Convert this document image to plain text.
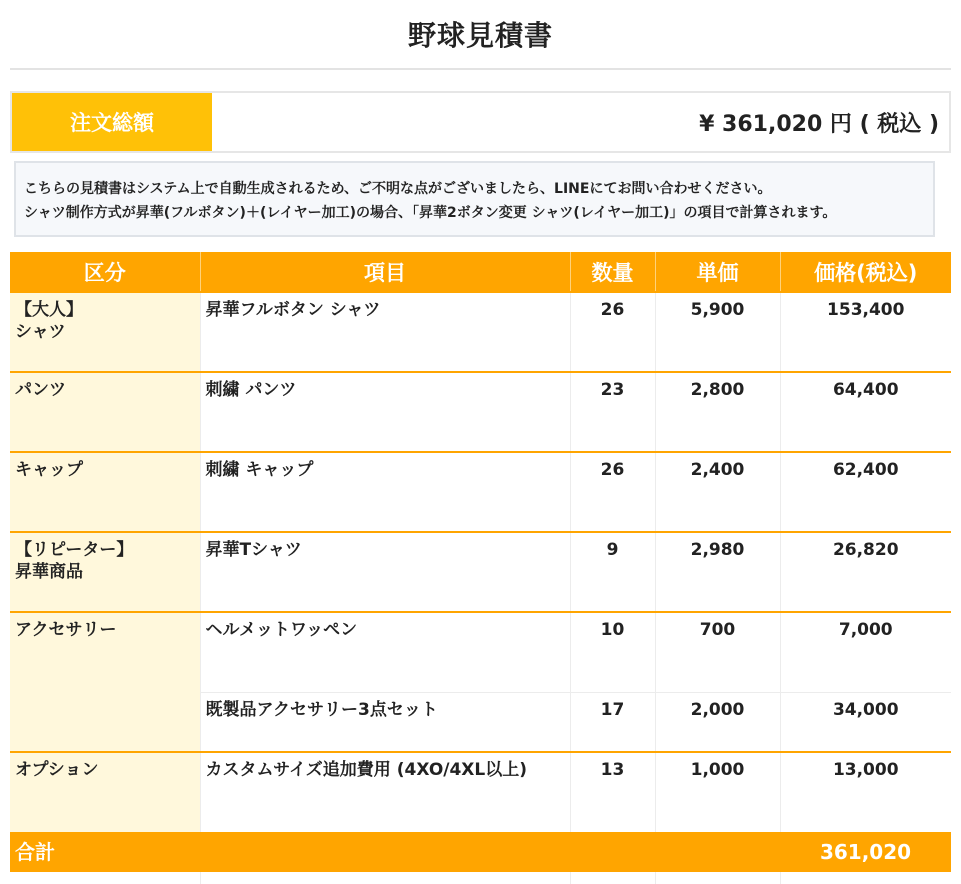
野球見積書
注文総額	¥ 361,020 円 ( 税込 )
こちらの見積書はシステム上で自動生成されるため、ご不明な点がございましたら、LINEにてお問い合わせください。
シャツ制作方式が昇華(フルボタン)＋(レイヤー加工)の場合、「昇華2ボタン変更 シャツ(レイヤー加工)」の項目で計算されます。
区分	項目	数量	単価	価格(税込)

【大人】
シャツ	昇華フルボタン シャツ	26	5,900	153,400

パンツ	刺繍 パンツ	23	2,800	64,400

キャップ	刺繍 キャップ	26	2,400	62,400

【リピーター】
昇華商品	昇華Tシャツ	9	2,980	26,820

アクセサリー	ヘルメットワッペン	10	700	7,000
	既製品アクセサリー3点セット	17	2,000	34,000

オプション	カスタムサイズ追加費用 (4XO/4XL以上)	13	1,000	13,000
合計				361,020
